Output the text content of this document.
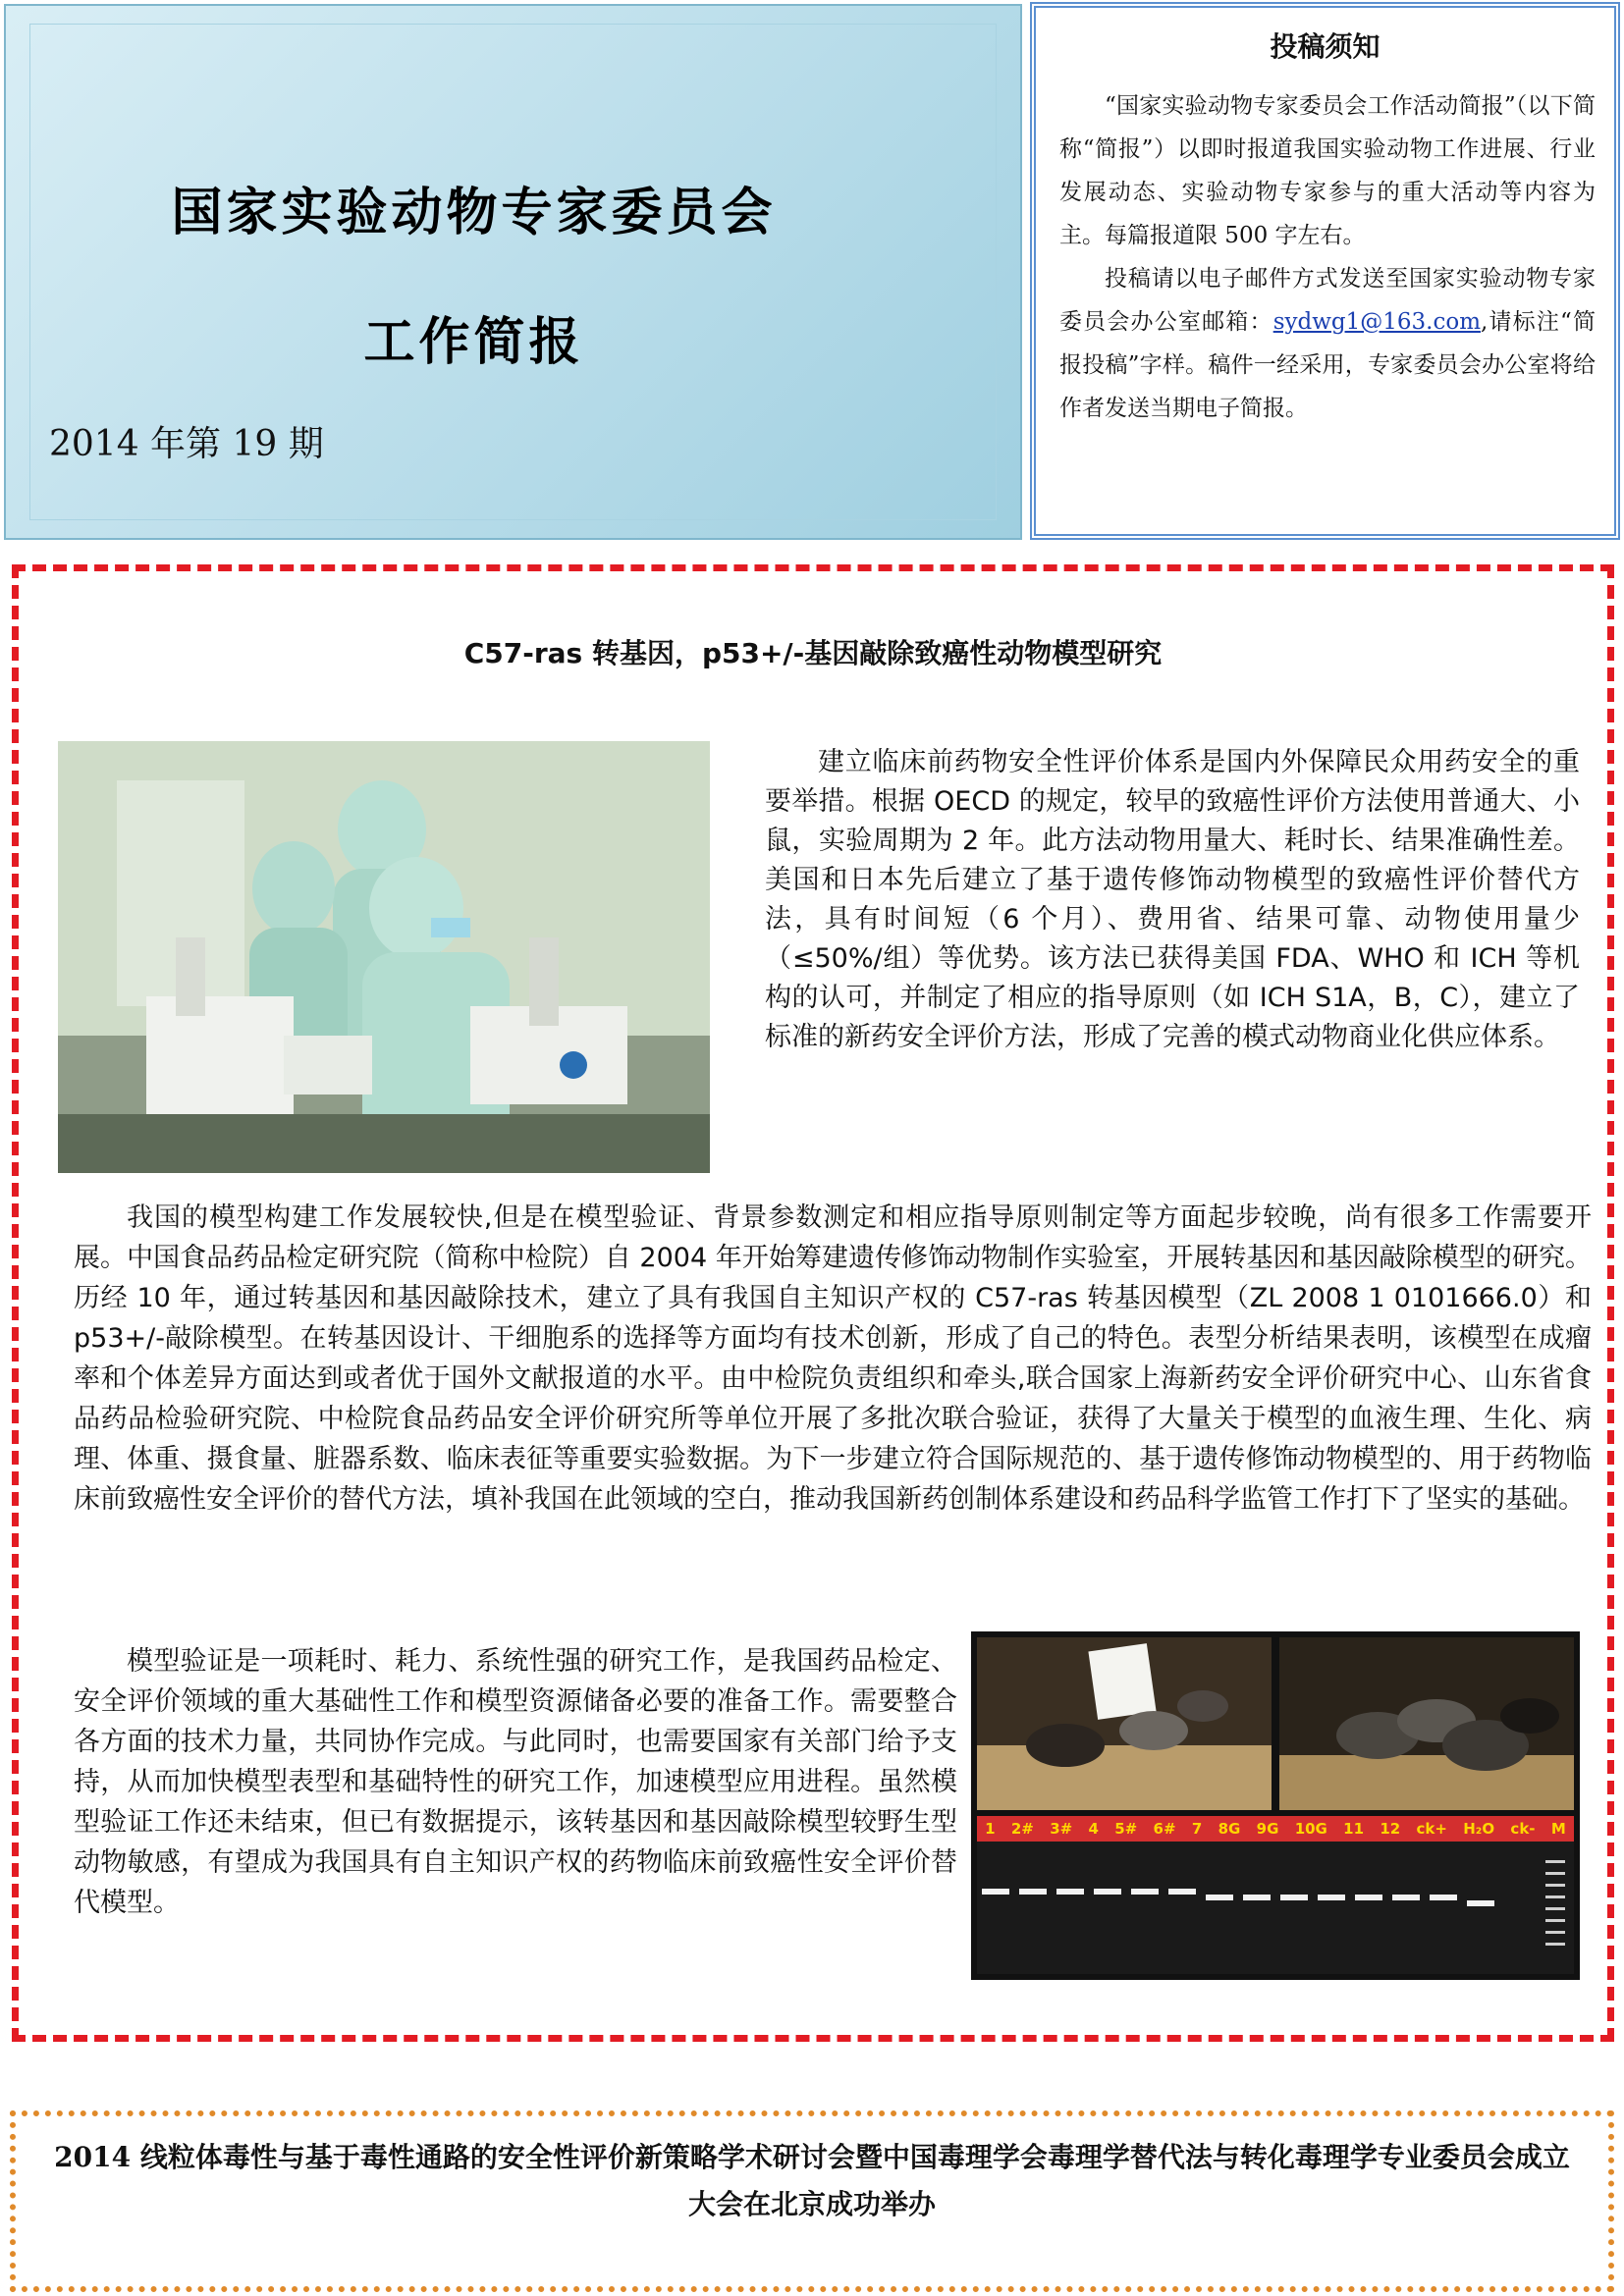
国家实验动物专家委员会
工作简报
2014 年第 19 期
投稿须知

“国家实验动物专家委员会工作活动简报”（以下简称“简报”）以即时报道我国实验动物工作进展、行业发展动态、实验动物专家参与的重大活动等内容为主。每篇报道限 500 字左右。

投稿请以电子邮件方式发送至国家实验动物专家委员会办公室邮箱：sydwg1@163.com,请标注“简报投稿”字样。稿件一经采用，专家委员会办公室将给作者发送当期电子简报。

C57-ras 转基因，p53+/-基因敲除致癌性动物模型研究

建立临床前药物安全性评价体系是国内外保障民众用药安全的重要举措。根据 OECD 的规定，较早的致癌性评价方法使用普通大、小鼠，实验周期为 2 年。此方法动物用量大、耗时长、结果准确性差。美国和日本先后建立了基于遗传修饰动物模型的致癌性评价替代方法，具有时间短（6 个月）、费用省、结果可靠、动物使用量少（≤50%/组）等优势。该方法已获得美国 FDA、WHO 和 ICH 等机构的认可，并制定了相应的指导原则（如 ICH S1A，B，C），建立了标准的新药安全评价方法，形成了完善的模式动物商业化供应体系。

我国的模型构建工作发展较快,但是在模型验证、背景参数测定和相应指导原则制定等方面起步较晚，尚有很多工作需要开展。中国食品药品检定研究院（简称中检院）自 2004 年开始筹建遗传修饰动物制作实验室，开展转基因和基因敲除模型的研究。历经 10 年，通过转基因和基因敲除技术，建立了具有我国自主知识产权的 C57-ras 转基因模型（ZL 2008 1 0101666.0）和 p53+/-敲除模型。在转基因设计、干细胞系的选择等方面均有技术创新，形成了自己的特色。表型分析结果表明，该模型在成瘤率和个体差异方面达到或者优于国外文献报道的水平。由中检院负责组织和牵头,联合国家上海新药安全评价研究中心、山东省食品药品检验研究院、中检院食品药品安全评价研究所等单位开展了多批次联合验证，获得了大量关于模型的血液生理、生化、病理、体重、摄食量、脏器系数、临床表征等重要实验数据。为下一步建立符合国际规范的、基于遗传修饰动物模型的、用于药物临床前致癌性安全评价的替代方法，填补我国在此领域的空白，推动我国新药创制体系建设和药品科学监管工作打下了坚实的基础。

模型验证是一项耗时、耗力、系统性强的研究工作，是我国药品检定、安全评价领域的重大基础性工作和模型资源储备必要的准备工作。需要整合各方面的技术力量，共同协作完成。与此同时，也需要国家有关部门给予支持，从而加快模型表型和基础特性的研究工作，加速模型应用进程。虽然模型验证工作还未结束，但已有数据提示，该转基因和基因敲除模型较野生型动物敏感，有望成为我国具有自主知识产权的药物临床前致癌性安全评价替代模型。

1 2# 3# 4 5# 6# 7 8G 9G 10G 11 12 ck+ H₂O ck- M
2014 线粒体毒性与基于毒性通路的安全性评价新策略学术研讨会暨中国毒理学会毒理学替代法与转化毒理学专业委员会成立大会在北京成功举办
